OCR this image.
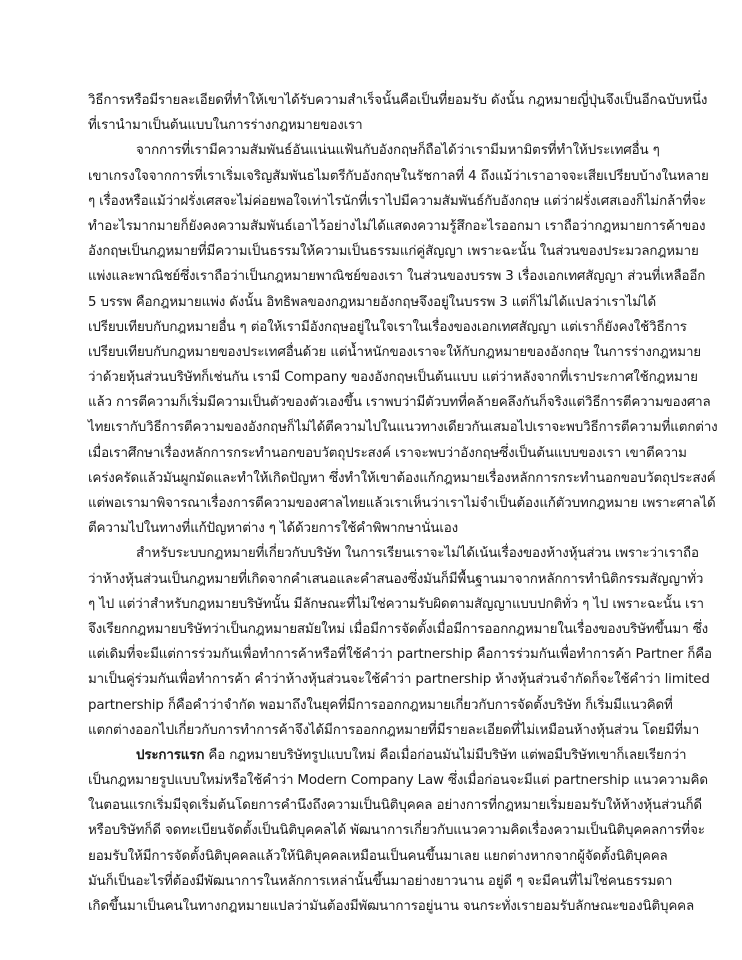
วิธีการหรือมีรายละเอียดที่ทำให้เขาได้รับความสำเร็จนั้นคือเป็นที่ยอมรับ ดังนั้น กฎหมายญี่ปุ่นจึงเป็นอีกฉบับหนึ่ง
ที่เรานำมาเป็นต้นแบบในการร่างกฎหมายของเรา
จากการที่เรามีความสัมพันธ์อันแน่นแฟ้นกับอังกฤษก็ถือได้ว่าเรามีมหามิตรที่ทำให้ประเทศอื่น ๆ
เขาเกรงใจจากการที่เราเริ่มเจริญสัมพันธไมตรีกับอังกฤษในรัชกาลที่ 4 ถึงแม้ว่าเราอาจจะเสียเปรียบบ้างในหลาย
ๆ เรื่องหรือแม้ว่าฝรั่งเศสจะไม่ค่อยพอใจเท่าไรนักที่เราไปมีความสัมพันธ์กับอังกฤษ แต่ว่าฝรั่งเศสเองก็ไม่กล้าที่จะ
ทำอะไรมากมายก็ยังคงความสัมพันธ์เอาไว้อย่างไม่ได้แสดงความรู้สึกอะไรออกมา เราถือว่ากฎหมายการค้าของ
อังกฤษเป็นกฎหมายที่มีความเป็นธรรมให้ความเป็นธรรมแก่คู่สัญญา เพราะฉะนั้น ในส่วนของประมวลกฎหมาย
แพ่งและพาณิชย์ซึ่งเราถือว่าเป็นกฎหมายพาณิชย์ของเรา ในส่วนของบรรพ 3 เรื่องเอกเทศสัญญา ส่วนที่เหลืออีก
5 บรรพ คือกฎหมายแพ่ง ดังนั้น อิทธิพลของกฎหมายอังกฤษจึงอยู่ในบรรพ 3 แต่ก็ไม่ได้แปลว่าเราไม่ได้
เปรียบเทียบกับกฎหมายอื่น ๆ ต่อให้เรามีอังกฤษอยู่ในใจเราในเรื่องของเอกเทศสัญญา แต่เราก็ยังคงใช้วิธีการ
เปรียบเทียบกับกฎหมายของประเทศอื่นด้วย แต่น้ำหนักของเราจะให้กับกฎหมายของอังกฤษ ในการร่างกฎหมาย
ว่าด้วยหุ้นส่วนบริษัทก็เช่นกัน เรามี Company ของอังกฤษเป็นต้นแบบ แต่ว่าหลังจากที่เราประกาศใช้กฎหมาย
แล้ว การตีความก็เริ่มมีความเป็นตัวของตัวเองขึ้น เราพบว่ามีตัวบทที่คล้ายคลึงกันก็จริงแต่วิธีการตีความของศาล
ไทยเรากับวิธีการตีความของอังกฤษก็ไม่ได้ตีความไปในแนวทางเดียวกันเสมอไปเราจะพบวิธีการตีความที่แตกต่าง
เมื่อเราศึกษาเรื่องหลักการกระทำนอกขอบวัตถุประสงค์ เราจะพบว่าอังกฤษซึ่งเป็นต้นแบบของเรา เขาตีความ
เคร่งครัดแล้วมันผูกมัดและทำให้เกิดปัญหา ซึ่งทำให้เขาต้องแก้กฎหมายเรื่องหลักการกระทำนอกขอบวัตถุประสงค์
แต่พอเรามาพิจารณาเรื่องการตีความของศาลไทยแล้วเราเห็นว่าเราไม่จำเป็นต้องแก้ตัวบทกฎหมาย เพราะศาลได้
ตีความไปในทางที่แก้ปัญหาต่าง ๆ ได้ด้วยการใช้คำพิพากษานั่นเอง
สำหรับระบบกฎหมายที่เกี่ยวกับบริษัท ในการเรียนเราจะไม่ได้เน้นเรื่องของห้างหุ้นส่วน เพราะว่าเราถือ
ว่าห้างหุ้นส่วนเป็นกฎหมายที่เกิดจากคำเสนอและคำสนองซึ่งมันก็มีพื้นฐานมาจากหลักการทำนิติกรรมสัญญาทั่ว
ๆ ไป แต่ว่าสำหรับกฎหมายบริษัทนั้น มีลักษณะที่ไม่ใช่ความรับผิดตามสัญญาแบบปกติทั่ว ๆ ไป เพราะฉะนั้น เรา
จึงเรียกกฎหมายบริษัทว่าเป็นกฎหมายสมัยใหม่ เมื่อมีการจัดตั้งเมื่อมีการออกกฎหมายในเรื่องของบริษัทขึ้นมา ซึ่ง
แต่เดิมที่จะมีแต่การร่วมกันเพื่อทำการค้าหรือที่ใช้คำว่า partnership คือการร่วมกันเพื่อทำการค้า Partner ก็คือ
มาเป็นคู่ร่วมกันเพื่อทำการค้า คำว่าห้างหุ้นส่วนจะใช้คำว่า partnership ห้างหุ้นส่วนจำกัดก็จะใช้คำว่า limited
partnership ก็คือคำว่าจำกัด พอมาถึงในยุคที่มีการออกกฎหมายเกี่ยวกับการจัดตั้งบริษัท ก็เริ่มมีแนวคิดที่
แตกต่างออกไปเกี่ยวกับการทำการค้าจึงได้มีการออกกฎหมายที่มีรายละเอียดที่ไม่เหมือนห้างหุ้นส่วน โดยมีที่มา
ประการแรก คือ กฎหมายบริษัทรูปแบบใหม่ คือเมื่อก่อนมันไม่มีบริษัท แต่พอมีบริษัทเขาก็เลยเรียกว่า
เป็นกฎหมายรูปแบบใหม่หรือใช้คำว่า Modern Company Law ซึ่งเมื่อก่อนจะมีแต่ partnership แนวความคิด
ในตอนแรกเริ่มมีจุดเริ่มต้นโดยการคำนึงถึงความเป็นนิติบุคคล อย่างการที่กฎหมายเริ่มยอมรับให้ห้างหุ้นส่วนก็ดี
หรือบริษัทก็ดี จดทะเบียนจัดตั้งเป็นนิติบุคคลได้ พัฒนาการเกี่ยวกับแนวความคิดเรื่องความเป็นนิติบุคคลการที่จะ
ยอมรับให้มีการจัดตั้งนิติบุคคลแล้วให้นิติบุคคลเหมือนเป็นคนขึ้นมาเลย แยกต่างหากจากผู้จัดตั้งนิติบุคคล
มันก็เป็นอะไรที่ต้องมีพัฒนาการในหลักการเหล่านั้นขึ้นมาอย่างยาวนาน อยู่ดี ๆ จะมีคนที่ไม่ใช่คนธรรมดา
เกิดขึ้นมาเป็นคนในทางกฎหมายแปลว่ามันต้องมีพัฒนาการอยู่นาน จนกระทั่งเรายอมรับลักษณะของนิติบุคคล
